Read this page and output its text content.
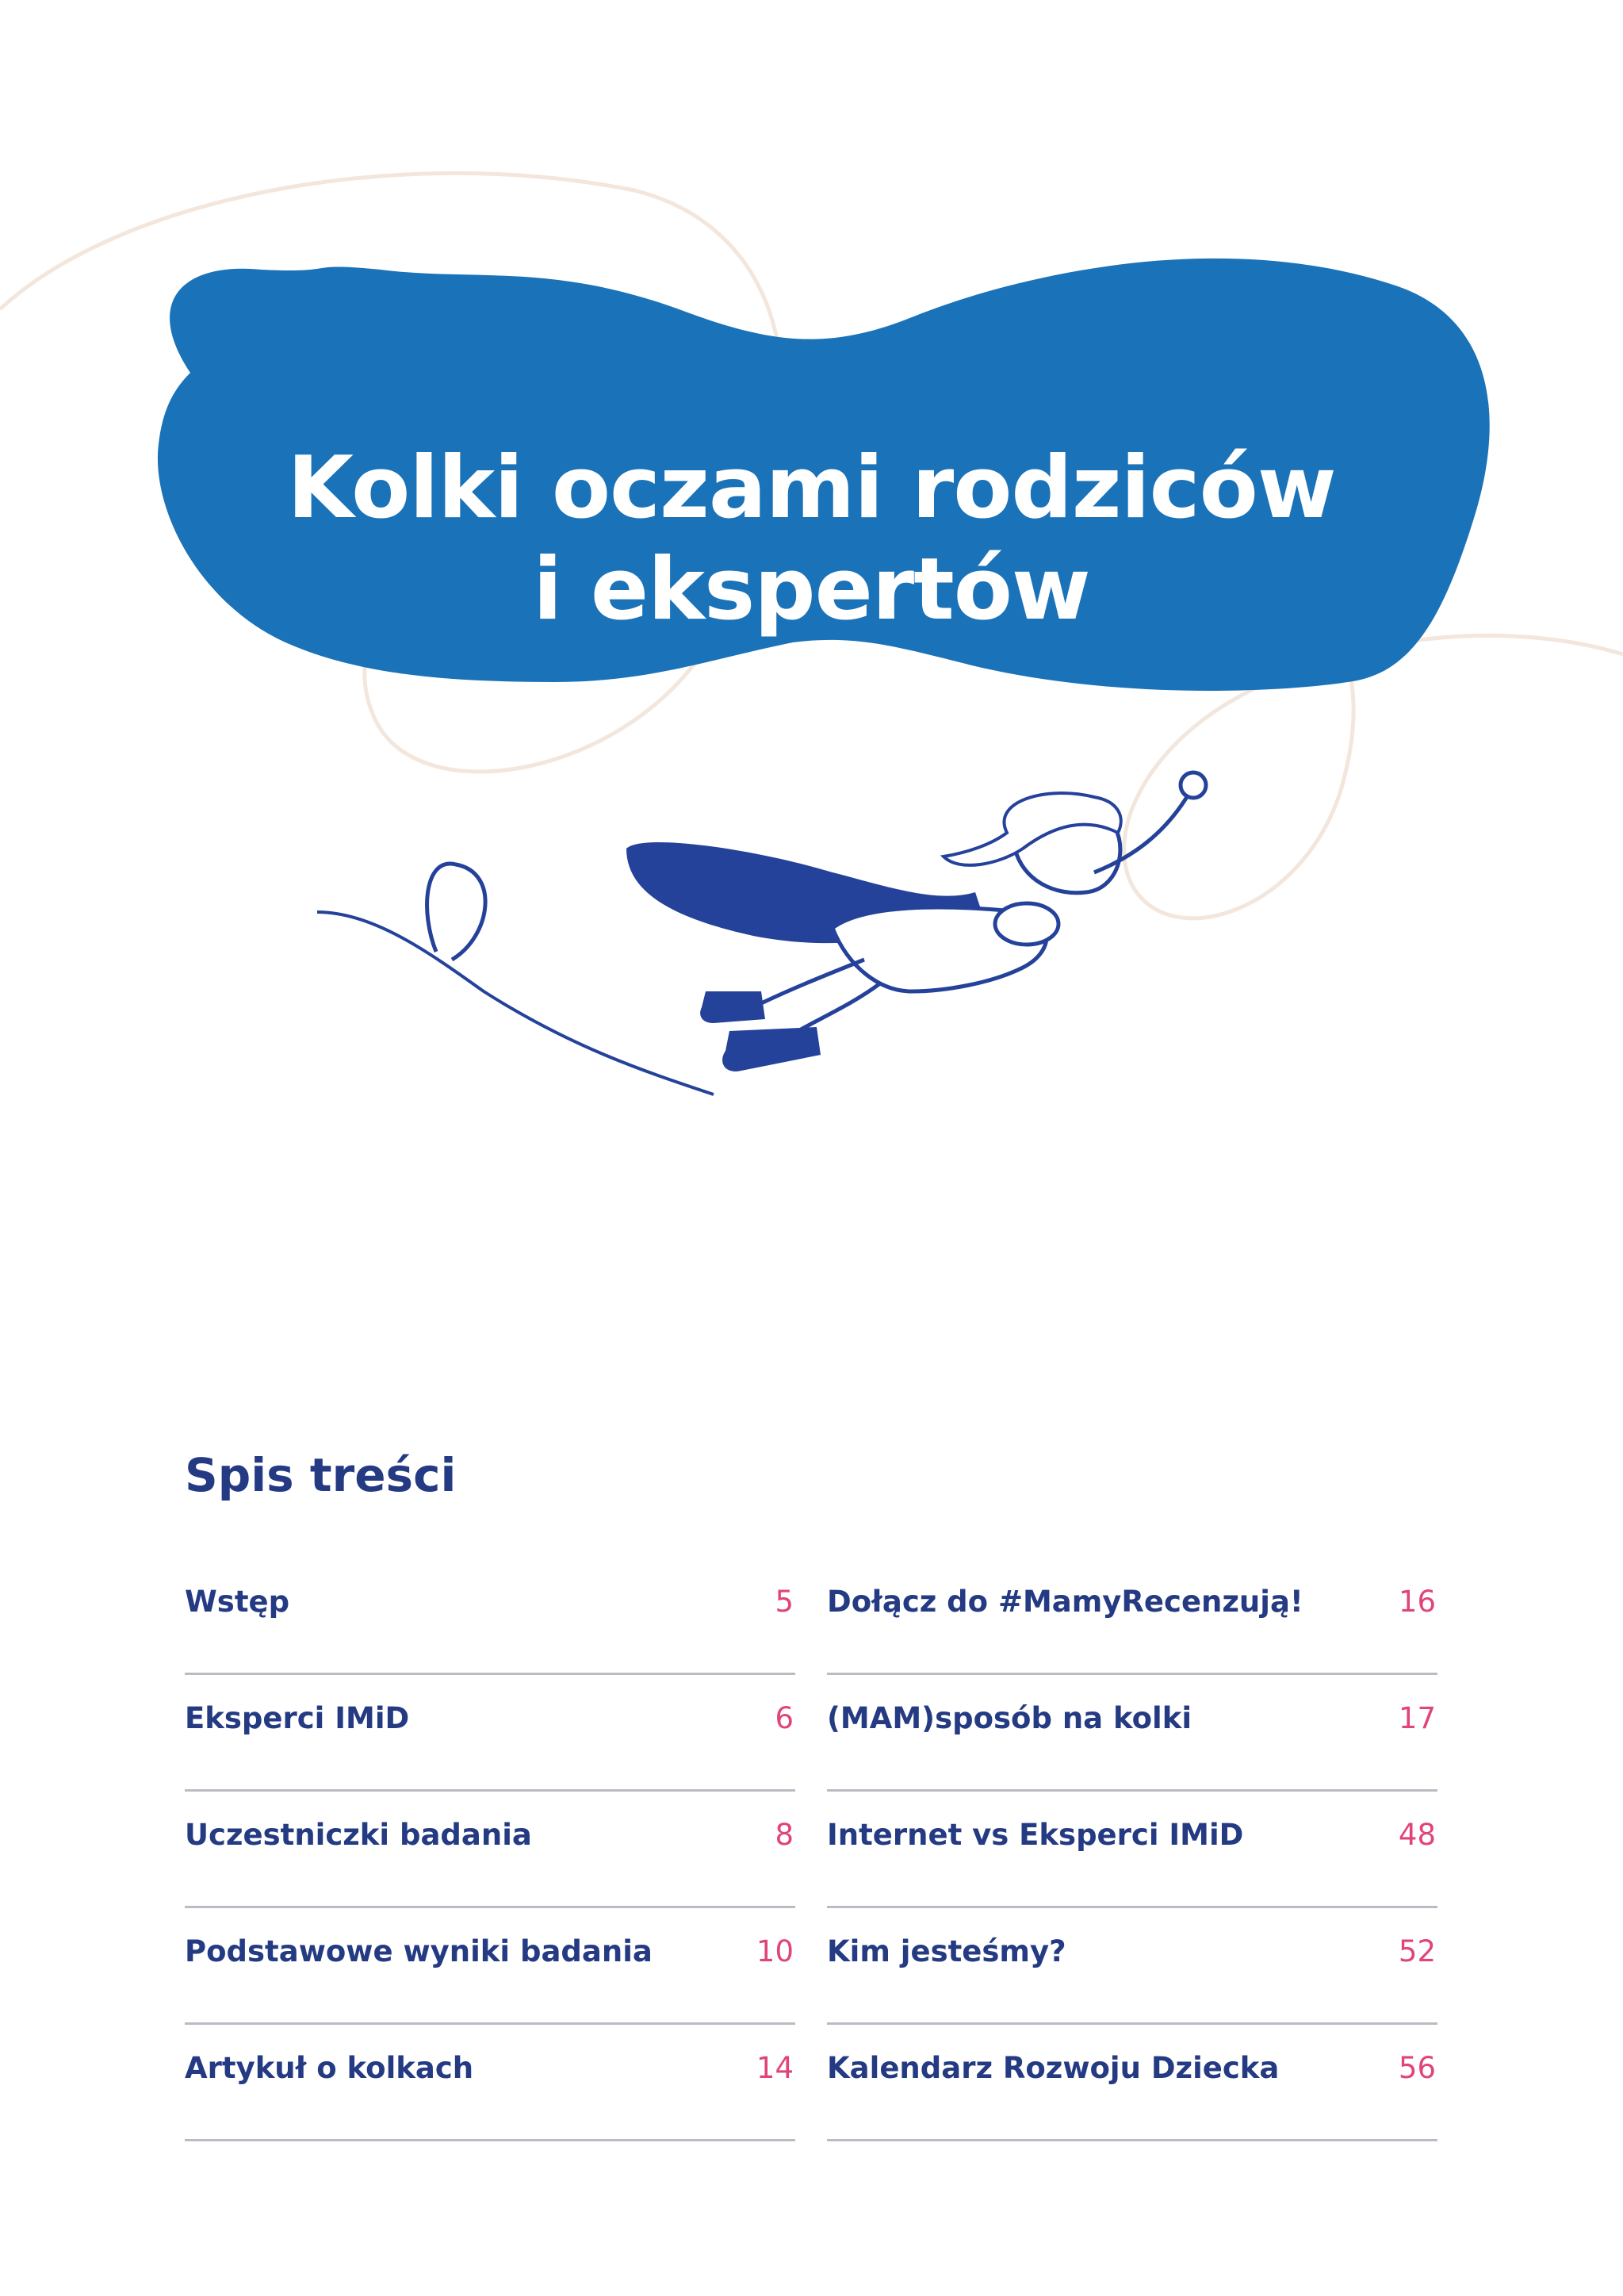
Kolki oczami rodziców
i ekspertów
Spis treści
Wstęp	5
Eksperci IMiD	6
Uczestniczki badania	8
Podstawowe wyniki badania	10
Artykuł o kolkach	14
Dołącz do #MamyRecenzują!	16
(MAM)sposób na kolki	17
Internet vs Eksperci IMiD	48
Kim jesteśmy?	52
Kalendarz Rozwoju Dziecka	56
